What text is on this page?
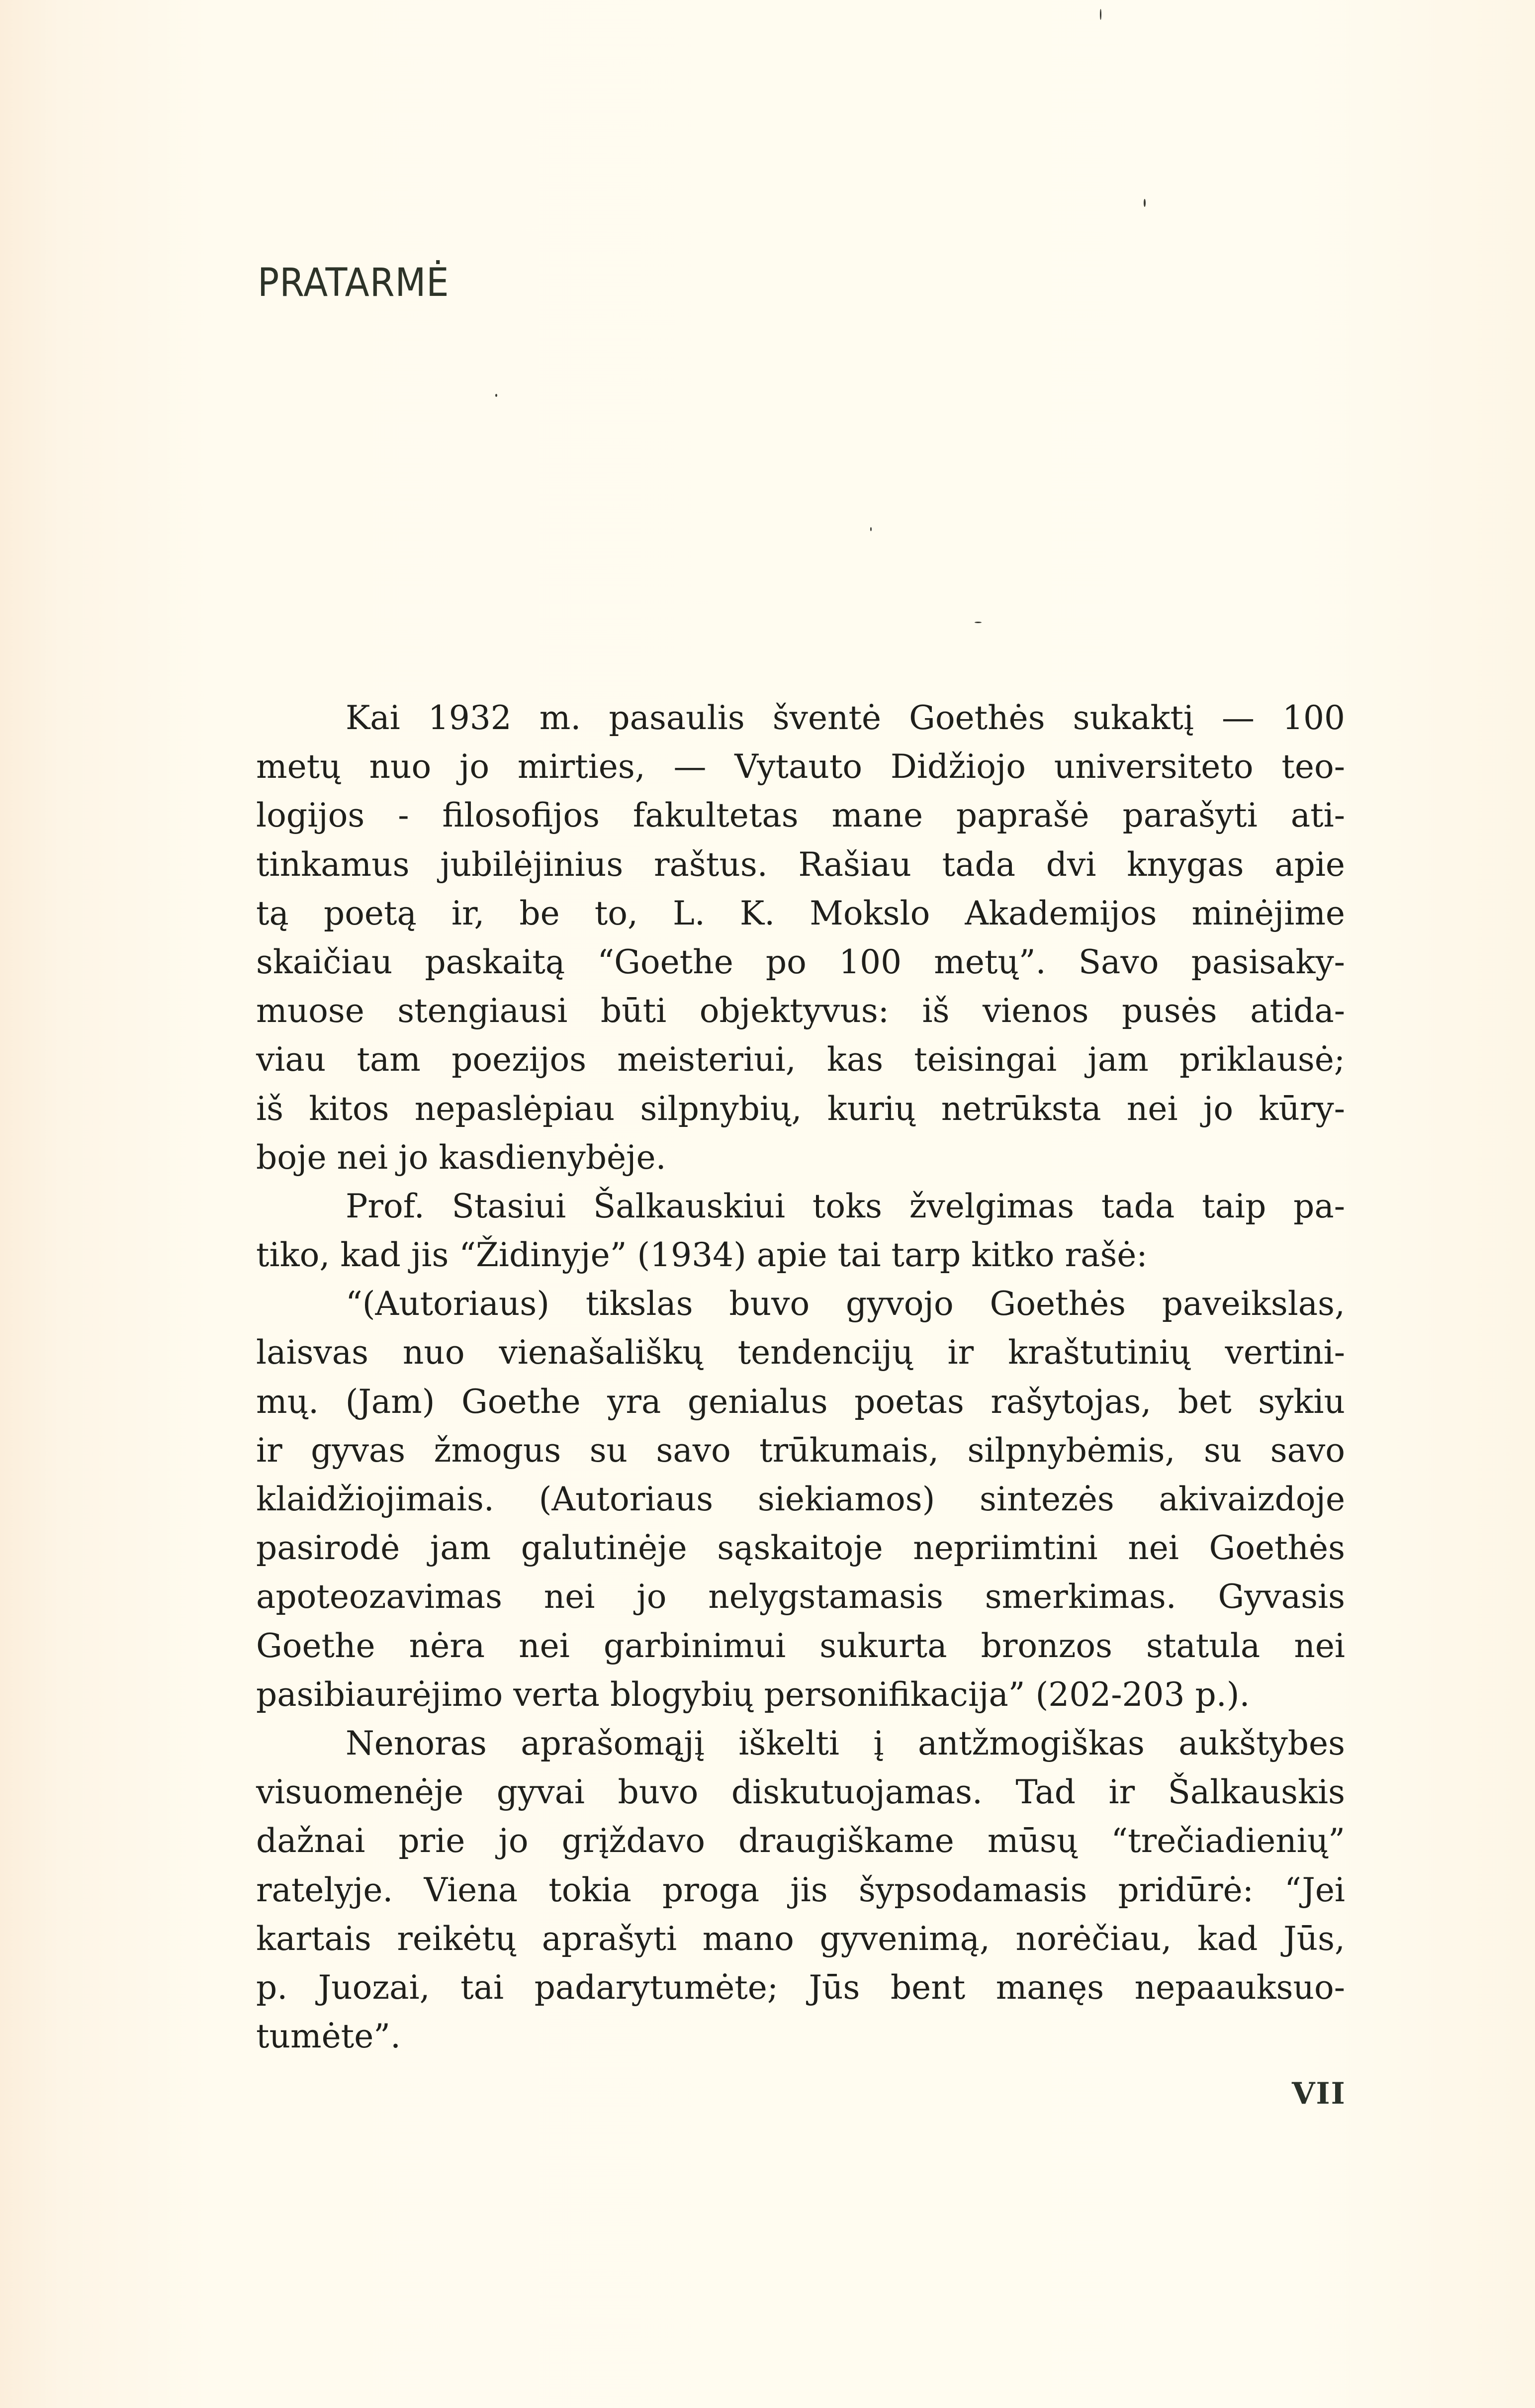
PRATARMĖ
Kai 1932 m. pasaulis šventė Goethės sukaktį — 100
metų nuo jo mirties, — Vytauto Didžiojo universiteto teo-
logijos - filosofijos fakultetas mane paprašė parašyti ati-
tinkamus jubilėjinius raštus. Rašiau tada dvi knygas apie
tą poetą ir, be to, L. K. Mokslo Akademijos minėjime
skaičiau paskaitą “Goethe po 100 metų”. Savo pasisaky-
muose stengiausi būti objektyvus: iš vienos pusės atida-
viau tam poezijos meisteriui, kas teisingai jam priklausė;
iš kitos nepaslėpiau silpnybių, kurių netrūksta nei jo kūry-
boje nei jo kasdienybėje.
Prof. Stasiui Šalkauskiui toks žvelgimas tada taip pa-
tiko, kad jis “Židinyje” (1934) apie tai tarp kitko rašė:
“(Autoriaus) tikslas buvo gyvojo Goethės paveikslas,
laisvas nuo vienašališkų tendencijų ir kraštutinių vertini-
mų. (Jam) Goethe yra genialus poetas rašytojas, bet sykiu
ir gyvas žmogus su savo trūkumais, silpnybėmis, su savo
klaidžiojimais. (Autoriaus siekiamos) sintezės akivaizdoje
pasirodė jam galutinėje sąskaitoje nepriimtini nei Goethės
apoteozavimas nei jo nelygstamasis smerkimas. Gyvasis
Goethe nėra nei garbinimui sukurta bronzos statula nei
pasibiaurėjimo verta blogybių personifikacija” (202-203 p.).
Nenoras aprašomąjį iškelti į antžmogiškas aukštybes
visuomenėje gyvai buvo diskutuojamas. Tad ir Šalkauskis
dažnai prie jo grįždavo draugiškame mūsų “trečiadienių”
ratelyje. Viena tokia proga jis šypsodamasis pridūrė: “Jei
kartais reikėtų aprašyti mano gyvenimą, norėčiau, kad Jūs,
p. Juozai, tai padarytumėte; Jūs bent manęs nepaauksuo-
tumėte”.
VII
